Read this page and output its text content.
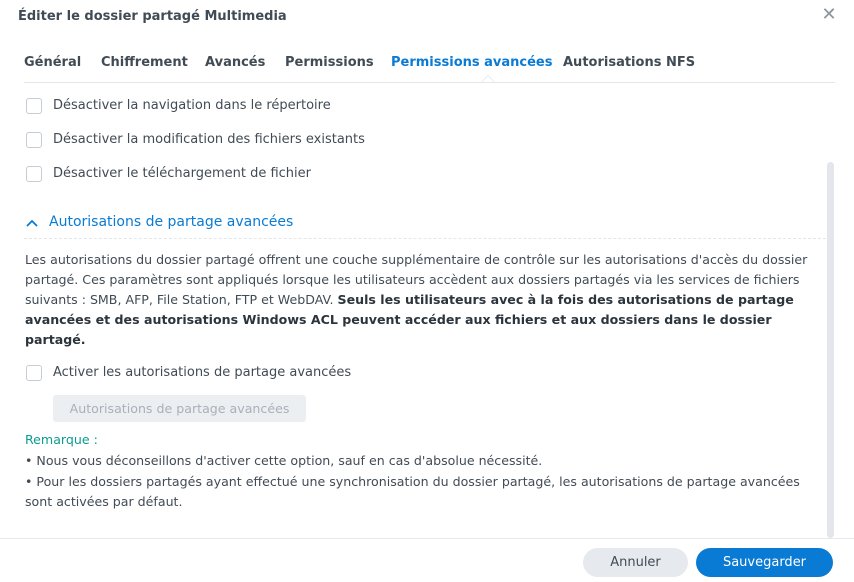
Éditer le dossier partagé Multimedia	✕
Général Chiffrement Avancés Permissions Permissions avancées Autorisations NFS
Désactiver la navigation dans le répertoire
Désactiver la modification des fichiers existants
Désactiver le téléchargement de fichier
Autorisations de partage avancées
Les autorisations du dossier partagé offrent une couche supplémentaire de contrôle sur les autorisations d'accès du dossier partagé. Ces paramètres sont appliqués lorsque les utilisateurs accèdent aux dossiers partagés via les services de fichiers suivants : SMB, AFP, File Station, FTP et WebDAV. Seuls les utilisateurs avec à la fois des autorisations de partage avancées et des autorisations Windows ACL peuvent accéder aux fichiers et aux dossiers dans le dossier partagé.
Activer les autorisations de partage avancées
Autorisations de partage avancées
Remarque :
• Nous vous déconseillons d'activer cette option, sauf en cas d'absolue nécessité.
• Pour les dossiers partagés ayant effectué une synchronisation du dossier partagé, les autorisations de partage avancées sont activées par défaut.
Annuler	Sauvegarder
